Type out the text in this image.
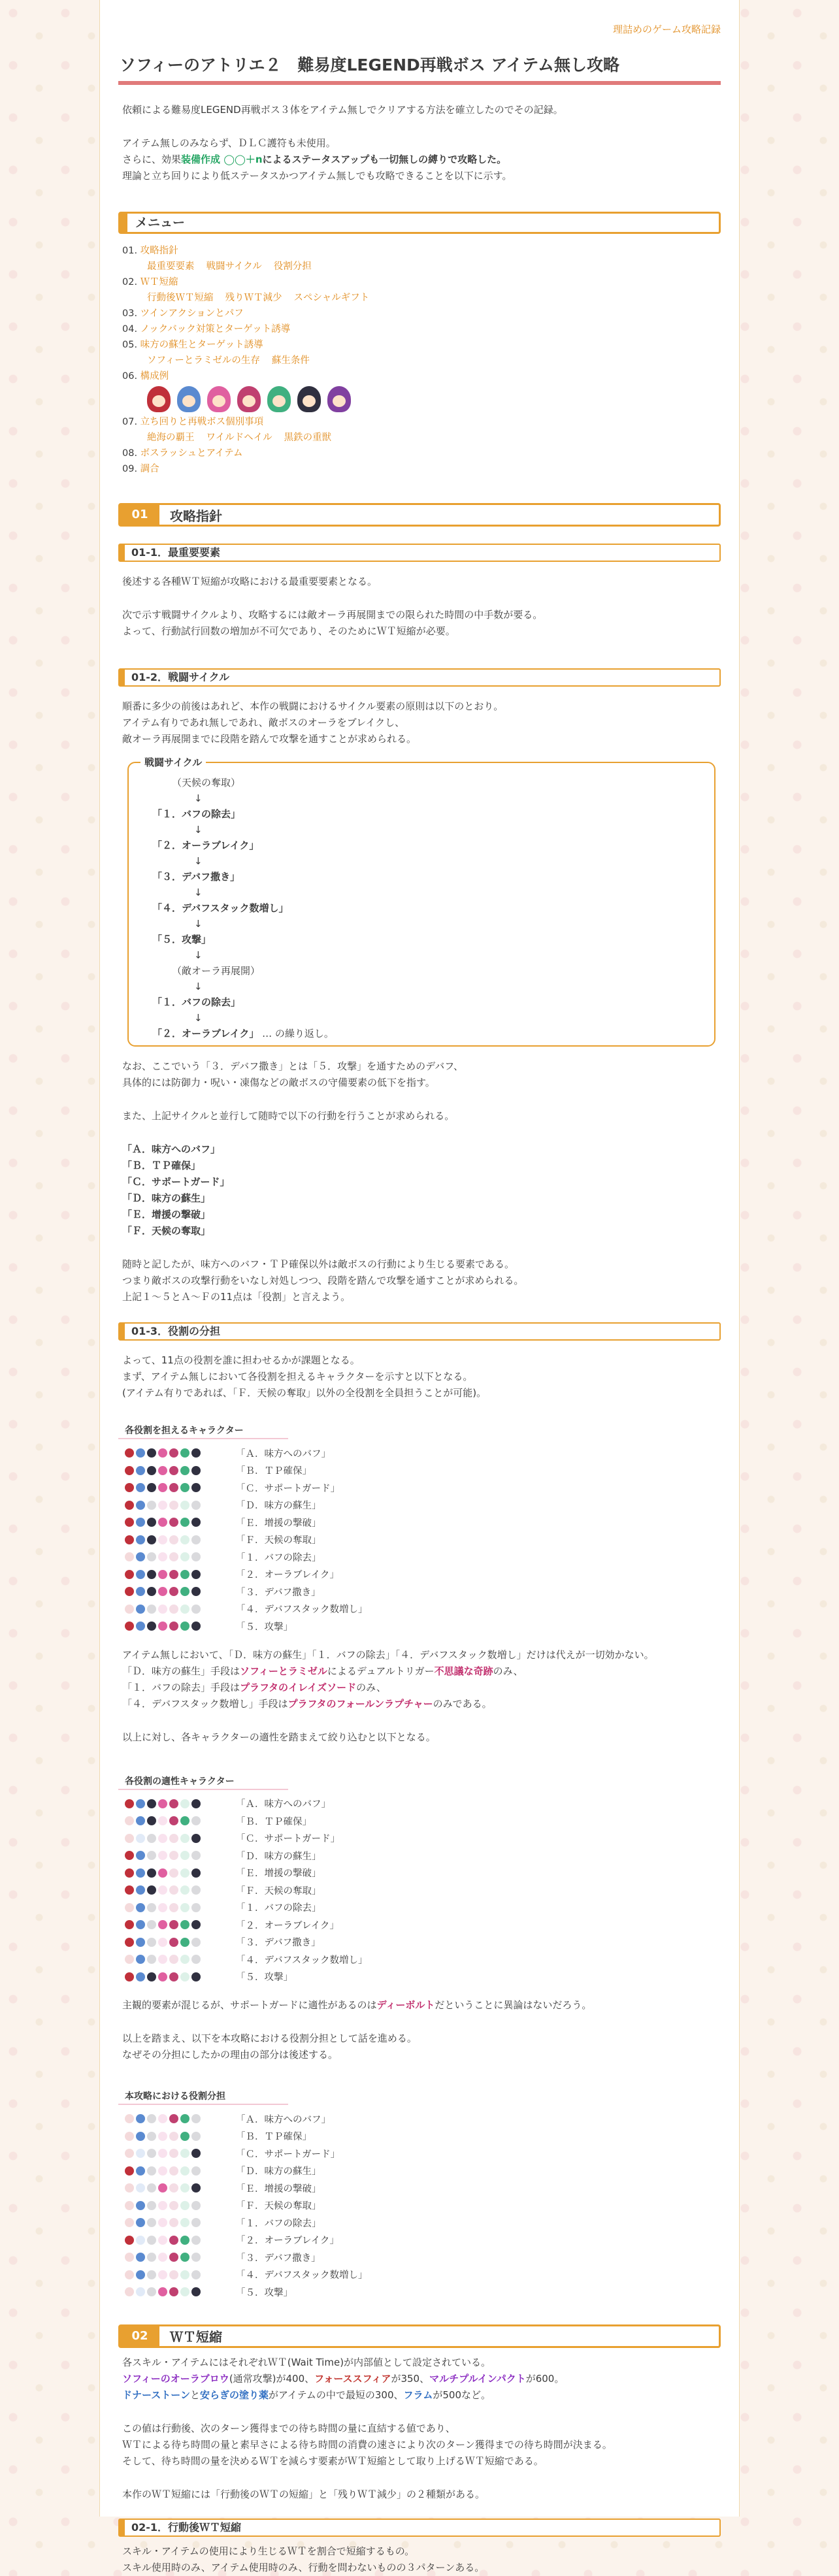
理詰めのゲーム攻略記録
ソフィーのアトリエ２　難易度LEGEND再戦ボス アイテム無し攻略

依頼による難易度LEGEND再戦ボス３体をアイテム無しでクリアする方法を確立したのでその記録。

アイテム無しのみならず、ＤＬＣ護符も未使用。

さらに、効果装備作成 ◯◯＋nによるステータスアップも一切無しの縛りで攻略した。

理論と立ち回りにより低ステータスかつアイテム無しでも攻略できることを以下に示す。

メニュー
01. 攻略指針
最重要要素 戦闘サイクル 役割分担
02. ＷＴ短縮
行動後ＷＴ短縮 残りＷＴ減少 スペシャルギフト
03. ツインアクションとパフ
04. ノックバック対策とターゲット誘導
05. 味方の蘇生とターゲット誘導
ソフィーとラミゼルの生存 蘇生条件
06. 構成例
07. 立ち回りと再戦ボス個別事項
絶海の覇王 ワイルドヘイル 黒鉄の重獣
08. ボスラッシュとアイテム
09. 調合
01	攻略指針
01-1．最重要要素

後述する各種ＷＴ短縮が攻略における最重要要素となる。

次で示す戦闘サイクルより、攻略するには敵オーラ再展開までの限られた時間の中手数が要る。

よって、行動試行回数の増加が不可欠であり、そのためにＷＴ短縮が必要。

01-2．戦闘サイクル

順番に多少の前後はあれど、本作の戦闘におけるサイクル要素の原則は以下のとおり。

アイテム有りであれ無しであれ、敵ボスのオーラをブレイクし、

敵オーラ再展開までに段階を踏んで攻撃を通すことが求められる。

戦闘サイクル
（天候の奪取）
↓
「１．バフの除去」
↓
「２．オーラブレイク」
↓
「３．デバフ撒き」
↓
「４．デバフスタック数増し」
↓
「５．攻撃」
↓
（敵オーラ再展開）
↓
「１．バフの除去」
↓
「２．オーラブレイク」 … の繰り返し。

なお、ここでいう「３．デバフ撒き」とは「５．攻撃」を通すためのデバフ、

具体的には防御力・呪い・凍傷などの敵ボスの守備要素の低下を指す。

また、上記サイクルと並行して随時で以下の行動を行うことが求められる。

「Ａ．味方へのバフ」

「Ｂ．ＴＰ確保」

「Ｃ．サポートガード」

「Ｄ．味方の蘇生」

「Ｅ．增援の撃破」

「Ｆ．天候の奪取」

随時と記したが、味方へのバフ・ＴＰ確保以外は敵ボスの行動により生じる要素である。

つまり敵ボスの攻撃行動をいなし対処しつつ、段階を踏んで攻撃を通すことが求められる。

上記１～５とＡ～Ｆの11点は「役割」と言えよう。

01-3．役割の分担

よって、11点の役割を誰に担わせるかが課題となる。

まず、アイテム無しにおいて各役割を担えるキャラクターを示すと以下となる。

(アイテム有りであれば、「Ｆ．天候の奪取」以外の全役割を全員担うことが可能)。

各役割を担えるキャラクター
「Ａ．味方へのバフ」
「Ｂ．ＴＰ確保」
「Ｃ．サポートガード」
「Ｄ．味方の蘇生」
「Ｅ．增援の撃破」
「Ｆ．天候の奪取」
「１．バフの除去」
「２．オーラブレイク」
「３．デバフ撒き」
「４．デバフスタック数増し」
「５．攻撃」

アイテム無しにおいて、「Ｄ．味方の蘇生」「１．バフの除去」「４．デバフスタック数増し」だけは代えが一切効かない。

「Ｄ．味方の蘇生」手段はソフィーとラミゼルによるデュアルトリガー不思議な奇跡のみ、

「１．バフの除去」手段はプラフタのイレイズソードのみ、

「４．デバフスタック数増し」手段はプラフタのフォールンラプチャーのみである。

以上に対し、各キャラクターの適性を踏まえて絞り込むと以下となる。

各役割の適性キャラクター
「Ａ．味方へのバフ」
「Ｂ．ＴＰ確保」
「Ｃ．サポートガード」
「Ｄ．味方の蘇生」
「Ｅ．增援の撃破」
「Ｆ．天候の奪取」
「１．バフの除去」
「２．オーラブレイク」
「３．デバフ撒き」
「４．デバフスタック数増し」
「５．攻撃」

主観的要素が混じるが、サポートガードに適性があるのはディーボルトだということに異論はないだろう。

以上を踏まえ、以下を本攻略における役割分担として話を進める。

なぜその分担にしたかの理由の部分は後述する。

本攻略における役割分担
「Ａ．味方へのバフ」
「Ｂ．ＴＰ確保」
「Ｃ．サポートガード」
「Ｄ．味方の蘇生」
「Ｅ．增援の撃破」
「Ｆ．天候の奪取」
「１．バフの除去」
「２．オーラブレイク」
「３．デバフ撒き」
「４．デバフスタック数増し」
「５．攻撃」
02	ＷＴ短縮

各スキル・アイテムにはそれぞれＷＴ(Wait Time)が内部値として設定されている。

ソフィーのオーラブロウ(通常攻撃)が400、フォーススフィアが350、マルチプルインパクトが600。

ドナーストーンと安らぎの塗り薬がアイテムの中で最短の300、フラムが500など。

この値は行動後、次のターン獲得までの待ち時間の量に直結する値であり、

ＷＴによる待ち時間の量と素早さによる待ち時間の消費の速さにより次のターン獲得までの待ち時間が決まる。

そして、待ち時間の量を決めるＷＴを減らす要素がＷＴ短縮として取り上げるＷＴ短縮である。

本作のＷＴ短縮には「行動後のＷＴの短縮」と「残りＷＴ減少」の２種類がある。

02-1．行動後ＷＴ短縮

スキル・アイテムの使用により生じるＷＴを割合で短縮するもの。

スキル使用時のみ、アイテム使用時のみ、行動を問わないものの３パターンある。
